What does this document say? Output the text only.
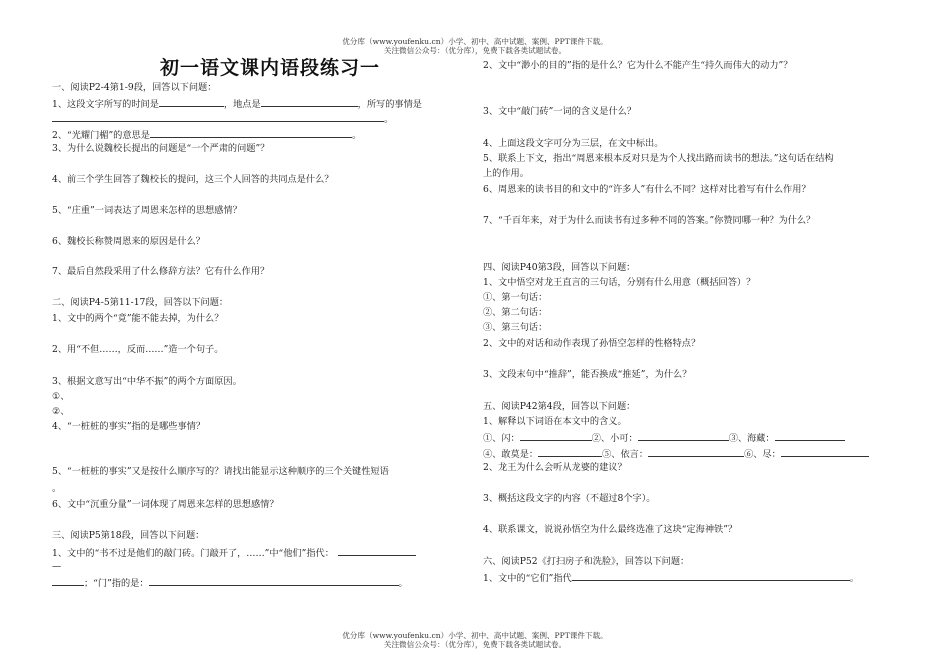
优分库（www.youfenku.cn）小学、初中、高中试题、案例、PPT课件下载。
关注微信公众号：（优分库），免费下载各类试题试卷。
初一语文课内语段练习一
一、阅读P2-4第1-9段，回答以下问题：
1、这段文字所写的时间是	，地点是	，所写的事情是
。
2、“光耀门楣”的意思是	。
3、为什么说魏校长提出的问题是“一个严肃的问题”？
4、前三个学生回答了魏校长的提问，这三个人回答的共同点是什么？
5、“庄重”一词表达了周恩来怎样的思想感情？
6、魏校长称赞周恩来的原因是什么？
7、最后自然段采用了什么修辞方法？它有什么作用？
二、阅读P4-5第11-17段，回答以下问题：
1、文中的两个“竟”能不能去掉，为什么？
2、用“不但……，反而……”造一个句子。
3、根据文意写出“中华不振”的两个方面原因。
①、
②、
4、“一桩桩的事实”指的是哪些事情？
5、“一桩桩的事实”又是按什么顺序写的？请找出能显示这种顺序的三个关键性短语
。
6、文中“沉重分量”一词体现了周恩来怎样的思想感情？
三、阅读P5第18段，回答以下问题：
1、文中的“书不过是他们的敲门砖。门敲开了，……”中“他们”指代：
—
；“门”指的是：	。
2、文中“渺小的目的”指的是什么？它为什么不能产生“持久而伟大的动力”？
3、文中“敲门砖”一词的含义是什么？
4、上面这段文字可分为三层，在文中标出。
5、联系上下文，指出“周恩来根本反对只是为个人找出路而读书的想法。”这句话在结构
上的作用。
6、周恩来的读书目的和文中的“许多人”有什么不同？这样对比着写有什么作用？
7、“千百年来，对于为什么而读书有过多种不同的答案。”你赞同哪一种？为什么？
四、阅读P40第3段，回答以下问题：
1、文中悟空对龙王直言的三句话，分别有什么用意（概括回答）？
①、第一句话：
②、第二句话：
③、第三句话：
2、文中的对话和动作表现了孙悟空怎样的性格特点？
3、文段末句中“推辞”，能否换成“推延”，为什么？
五、阅读P42第4段，回答以下问题：
1、解释以下词语在本文中的含义。
①、闪：	②、小可：	③、海藏：
④、敢莫是：	⑤、依言：	⑥、尽：
2、龙王为什么会听从龙婆的建议？
3、概括这段文字的内容（不超过8个字）。
4、联系课文，说说孙悟空为什么最终选准了这块“定海神铁”？
六、阅读P52《打扫房子和洗脸》，回答以下问题：
1、文中的“它们”指代	。
优分库（www.youfenku.cn）小学、初中、高中试题、案例、PPT课件下载。
关注微信公众号：（优分库），免费下载各类试题试卷。
